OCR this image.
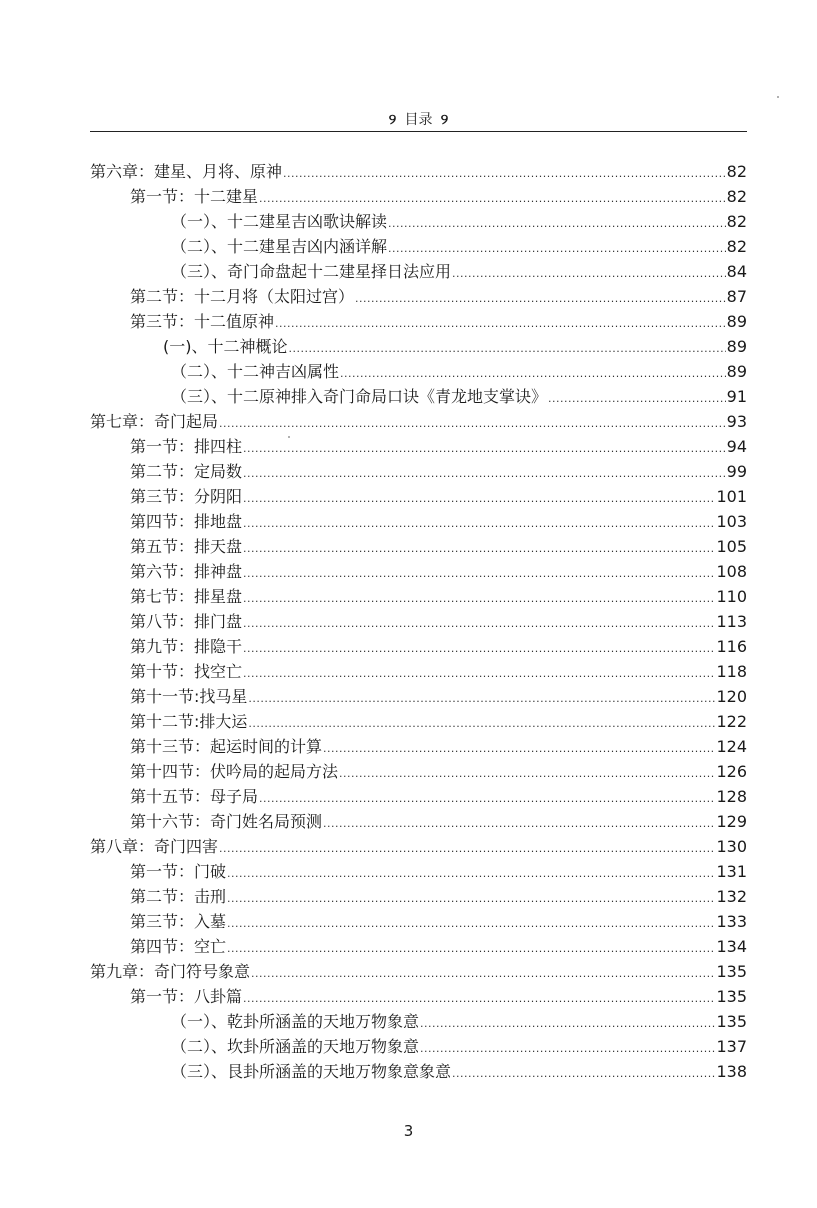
୨ 目录 ୨
第六章：建星、月将、原神 .....	82
第一节：十二建星 .....	82
（一）、十二建星吉凶歌诀解读 .....	82
（二）、十二建星吉凶内涵详解 .....	82
（三）、奇门命盘起十二建星择日法应用 .....	84
第二节：十二月将（太阳过宫） .....	87
第三节：十二值原神 .....	89
(一)、十二神概论 .....	89
（二）、十二神吉凶属性 .....	89
（三）、十二原神排入奇门命局口诀《青龙地支掌诀》 .....	91
第七章：奇门起局 .....	93
第一节：排四柱 .....	94
第二节：定局数 .....	99
第三节：分阴阳 .....	101
第四节：排地盘 .....	103
第五节：排天盘 .....	105
第六节：排神盘 .....	108
第七节：排星盘 .....	110
第八节：排门盘 .....	113
第九节：排隐干 .....	116
第十节：找空亡 .....	118
第十一节:找马星 .....	120
第十二节:排大运 .....	122
第十三节：起运时间的计算 .....	124
第十四节：伏吟局的起局方法 .....	126
第十五节：母子局 .....	128
第十六节：奇门姓名局预测 .....	129
第八章：奇门四害 .....	130
第一节：门破 .....	131
第二节：击刑 .....	132
第三节：入墓 .....	133
第四节：空亡 .....	134
第九章：奇门符号象意 .....	135
第一节：八卦篇 .....	135
（一）、乾卦所涵盖的天地万物象意 .....	135
（二）、坎卦所涵盖的天地万物象意 .....	137
（三）、艮卦所涵盖的天地万物象意象意 .....	138
3
